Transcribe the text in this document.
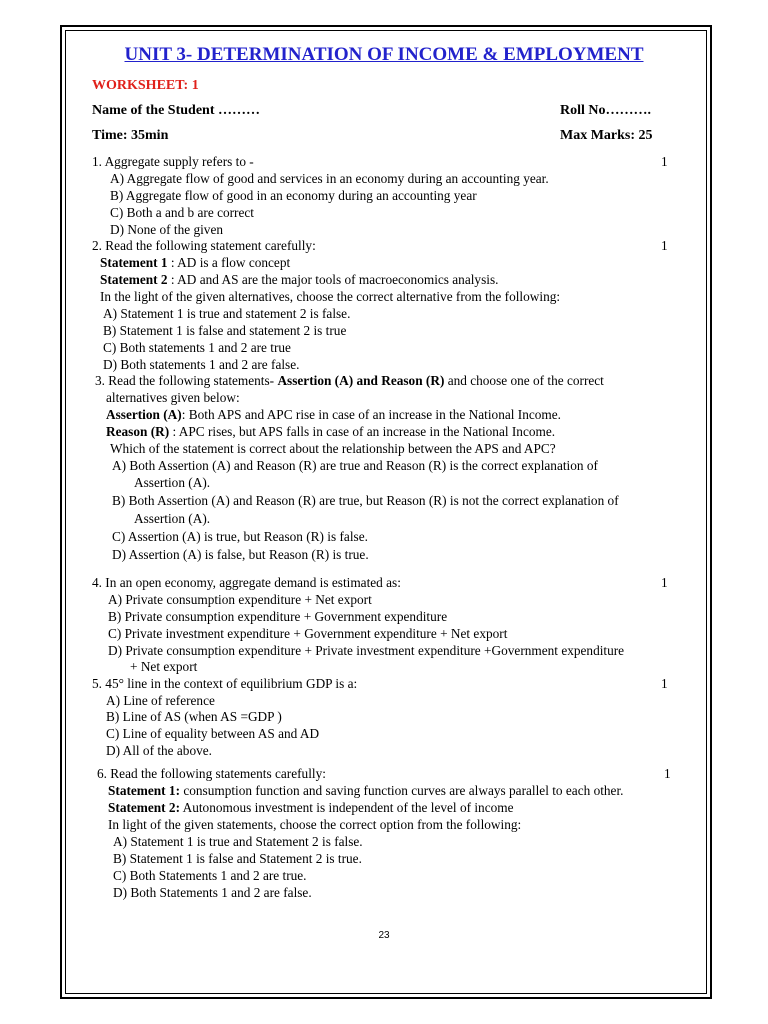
UNIT 3- DETERMINATION OF INCOME & EMPLOYMENT
WORKSHEET: 1
Name of the Student ………	Roll No……….
Time: 35min	Max Marks: 25
1. Aggregate supply refers to -	1
A) Aggregate flow of good and services in an economy during an accounting year.
B) Aggregate flow of good in an economy during an accounting year
C) Both a and b are correct
D) None of the given
2. Read the following statement carefully:	1
Statement 1 : AD is a flow concept
Statement 2 : AD and AS are the major tools of macroeconomics analysis.
In the light of the given alternatives, choose the correct alternative from the following:
A) Statement 1 is true and statement 2 is false.
B) Statement 1 is false and statement 2 is true
C) Both statements 1 and 2 are true
D) Both statements 1 and 2 are false.
3. Read the following statements- Assertion (A) and Reason (R) and choose one of the correct
alternatives given below:
Assertion (A): Both APS and APC rise in case of an increase in the National Income.
Reason (R) : APC rises, but APS falls in case of an increase in the National Income.
Which of the statement is correct about the relationship between the APS and APC?
A) Both Assertion (A) and Reason (R) are true and Reason (R) is the correct explanation of
Assertion (A).
B) Both Assertion (A) and Reason (R) are true, but Reason (R) is not the correct explanation of
Assertion (A).
C) Assertion (A) is true, but Reason (R) is false.
D) Assertion (A) is false, but Reason (R) is true.
4. In an open economy, aggregate demand is estimated as:	1
A) Private consumption expenditure + Net export
B) Private consumption expenditure + Government expenditure
C) Private investment expenditure + Government expenditure + Net export
D) Private consumption expenditure + Private investment expenditure +Government expenditure
+ Net export
5. 45° line in the context of equilibrium GDP is a:	1
A) Line of reference
B) Line of AS (when AS =GDP )
C) Line of equality between AS and AD
D) All of the above.
6. Read the following statements carefully:	1
Statement 1: consumption function and saving function curves are always parallel to each other.
Statement 2: Autonomous investment is independent of the level of income
In light of the given statements, choose the correct option from the following:
A) Statement 1 is true and Statement 2 is false.
B) Statement 1 is false and Statement 2 is true.
C) Both Statements 1 and 2 are true.
D) Both Statements 1 and 2 are false.
23
